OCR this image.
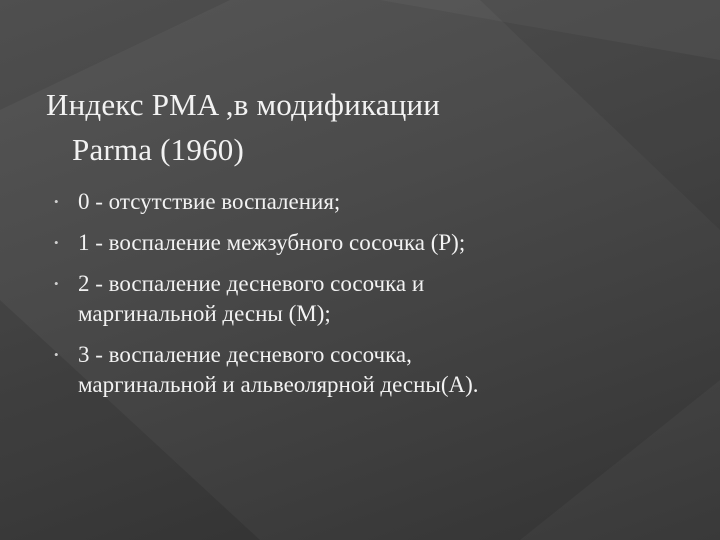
Индекс PMA ,в модификации
Parma (1960)
• 0 - отсутствие воспаления;
• 1 - воспаление межзубного сосочка (P);
• 2 - воспаление десневого сосочка и
маргинальной десны (M);
• 3 - воспаление десневого сосочка,
маргинальной и альвеолярной десны(A).
